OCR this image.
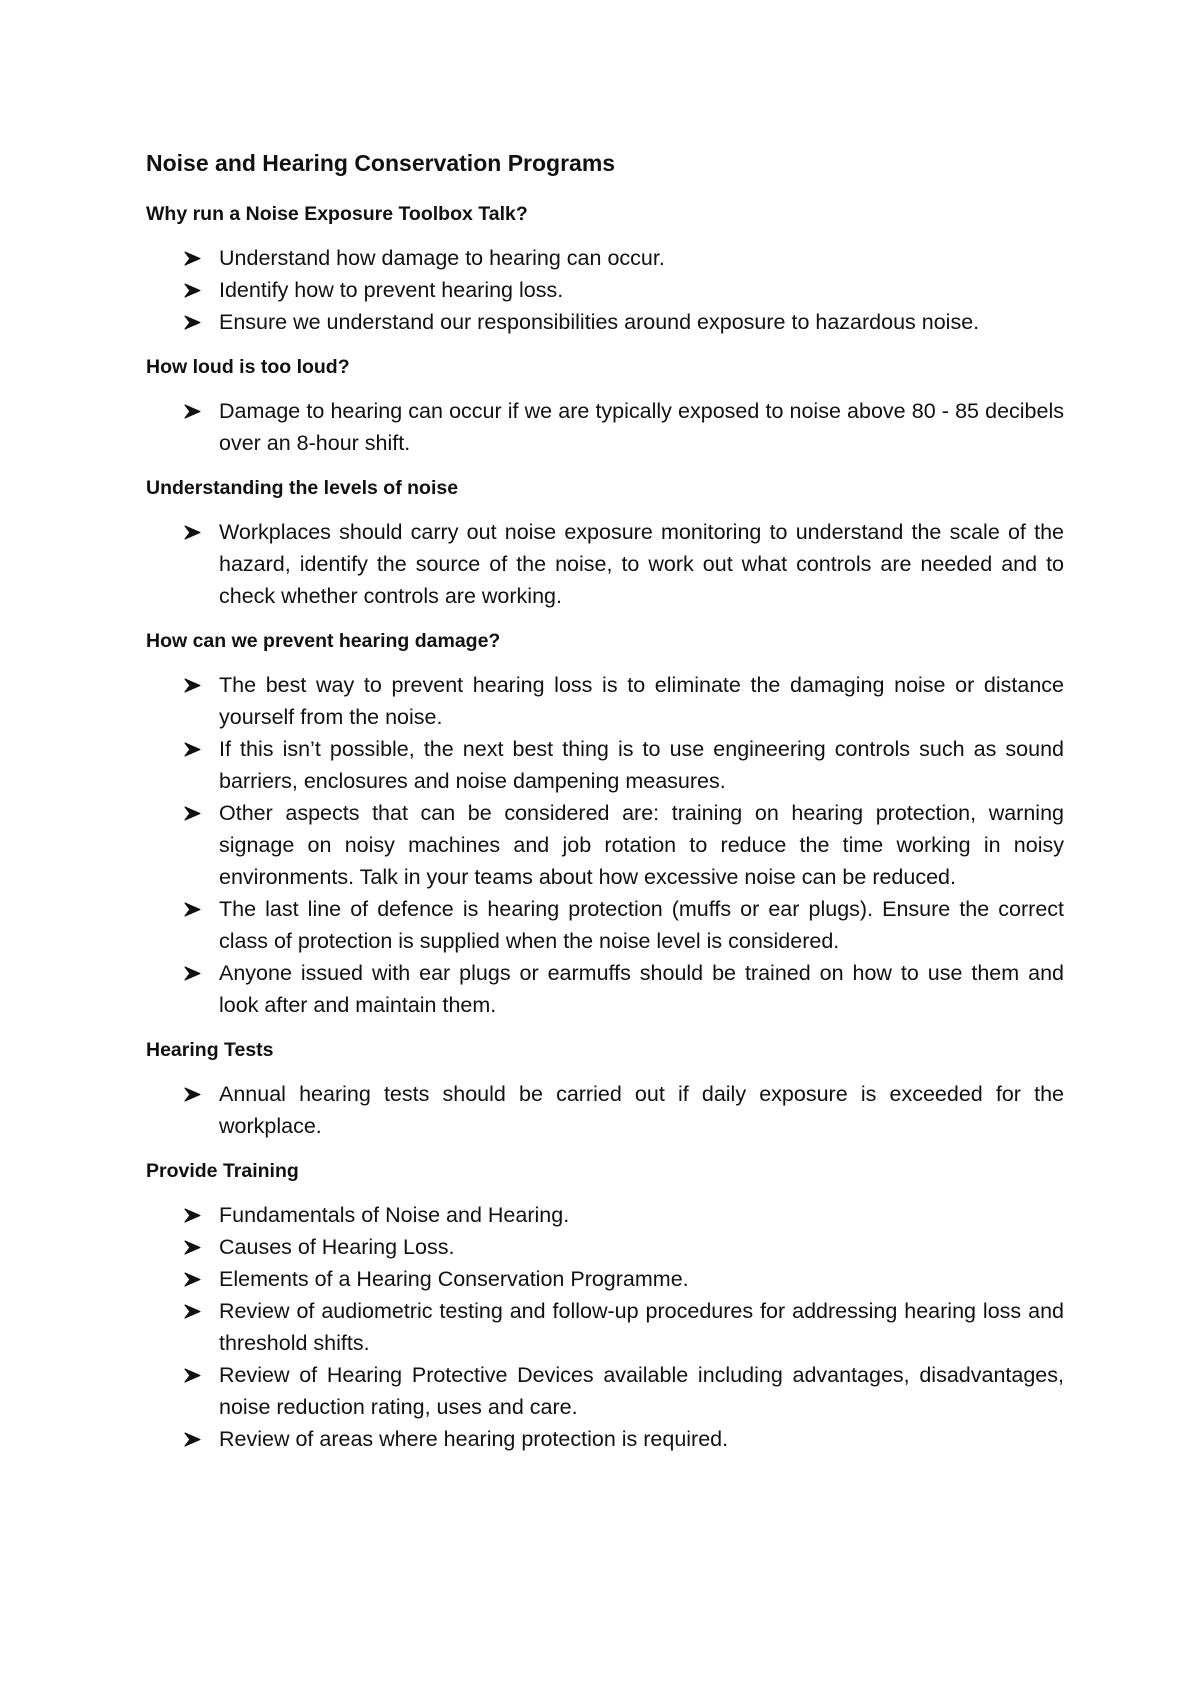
Noise and Hearing Conservation Programs
Why run a Noise Exposure Toolbox Talk?
Understand how damage to hearing can occur.
Identify how to prevent hearing loss.
Ensure we understand our responsibilities around exposure to hazardous noise.
How loud is too loud?
Damage to hearing can occur if we are typically exposed to noise above 80 - 85 decibels over an 8-hour shift.
Understanding the levels of noise
Workplaces should carry out noise exposure monitoring to understand the scale of the hazard, identify the source of the noise, to work out what controls are needed and to check whether controls are working.
How can we prevent hearing damage?
The best way to prevent hearing loss is to eliminate the damaging noise or distance yourself from the noise.
If this isn’t possible, the next best thing is to use engineering controls such as sound barriers, enclosures and noise dampening measures.
Other aspects that can be considered are: training on hearing protection, warning signage on noisy machines and job rotation to reduce the time working in noisy environments. Talk in your teams about how excessive noise can be reduced.
The last line of defence is hearing protection (muffs or ear plugs). Ensure the correct class of protection is supplied when the noise level is considered.
Anyone issued with ear plugs or earmuffs should be trained on how to use them and look after and maintain them.
Hearing Tests
Annual hearing tests should be carried out if daily exposure is exceeded for the workplace.
Provide Training
Fundamentals of Noise and Hearing.
Causes of Hearing Loss.
Elements of a Hearing Conservation Programme.
Review of audiometric testing and follow-up procedures for addressing hearing loss and threshold shifts.
Review of Hearing Protective Devices available including advantages, disadvantages, noise reduction rating, uses and care.
Review of areas where hearing protection is required.
